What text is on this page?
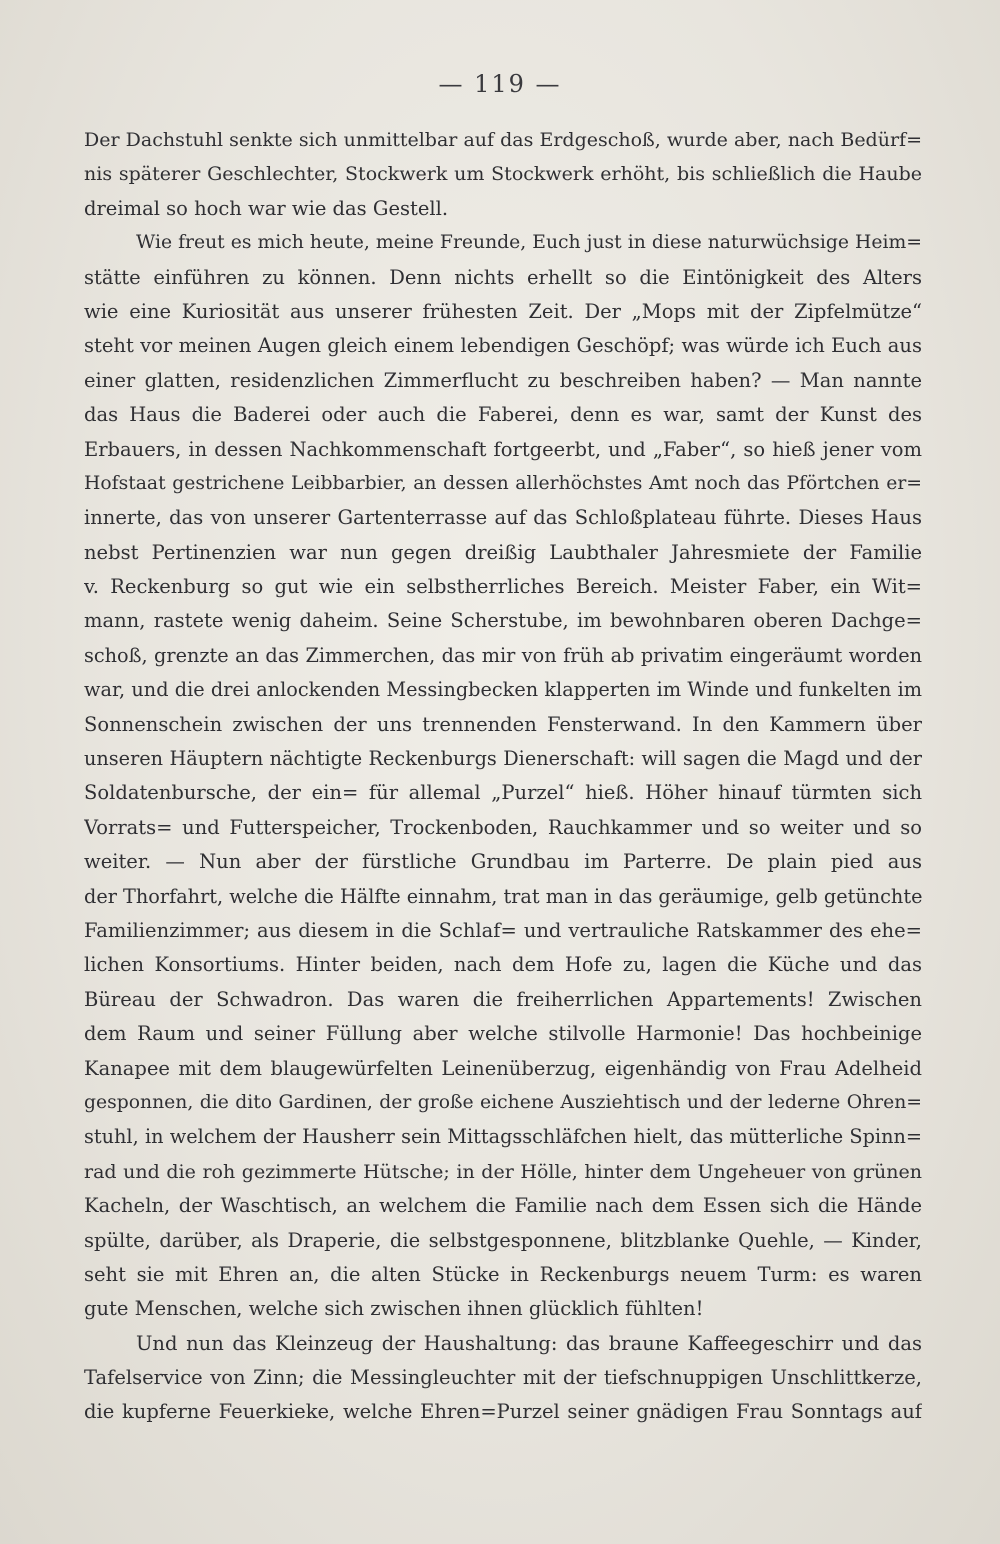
— 119 —
Der Dachstuhl senkte sich unmittelbar auf das Erdgeschoß, wurde aber, nach Bedürf=
nis späterer Geschlechter, Stockwerk um Stockwerk erhöht, bis schließlich die Haube
dreimal so hoch war wie das Gestell.
Wie freut es mich heute, meine Freunde, Euch just in diese naturwüchsige Heim=
stätte einführen zu können. Denn nichts erhellt so die Eintönigkeit des Alters
wie eine Kuriosität aus unserer frühesten Zeit. Der „Mops mit der Zipfelmütze“
steht vor meinen Augen gleich einem lebendigen Geschöpf; was würde ich Euch aus
einer glatten, residenzlichen Zimmerflucht zu beschreiben haben? — Man nannte
das Haus die Baderei oder auch die Faberei, denn es war, samt der Kunst des
Erbauers, in dessen Nachkommenschaft fortgeerbt, und „Faber“, so hieß jener vom
Hofstaat gestrichene Leibbarbier, an dessen allerhöchstes Amt noch das Pförtchen er=
innerte, das von unserer Gartenterrasse auf das Schloßplateau führte. Dieses Haus
nebst Pertinenzien war nun gegen dreißig Laubthaler Jahresmiete der Familie
v. Reckenburg so gut wie ein selbstherrliches Bereich. Meister Faber, ein Wit=
mann, rastete wenig daheim. Seine Scherstube, im bewohnbaren oberen Dachge=
schoß, grenzte an das Zimmerchen, das mir von früh ab privatim eingeräumt worden
war, und die drei anlockenden Messingbecken klapperten im Winde und funkelten im
Sonnenschein zwischen der uns trennenden Fensterwand. In den Kammern über
unseren Häuptern nächtigte Reckenburgs Dienerschaft: will sagen die Magd und der
Soldatenbursche, der ein= für allemal „Purzel“ hieß. Höher hinauf türmten sich
Vorrats= und Futterspeicher, Trockenboden, Rauchkammer und so weiter und so
weiter. — Nun aber der fürstliche Grundbau im Parterre. De plain pied aus
der Thorfahrt, welche die Hälfte einnahm, trat man in das geräumige, gelb getünchte
Familienzimmer; aus diesem in die Schlaf= und vertrauliche Ratskammer des ehe=
lichen Konsortiums. Hinter beiden, nach dem Hofe zu, lagen die Küche und das
Büreau der Schwadron. Das waren die freiherrlichen Appartements! Zwischen
dem Raum und seiner Füllung aber welche stilvolle Harmonie! Das hochbeinige
Kanapee mit dem blaugewürfelten Leinenüberzug, eigenhändig von Frau Adelheid
gesponnen, die dito Gardinen, der große eichene Ausziehtisch und der lederne Ohren=
stuhl, in welchem der Hausherr sein Mittagsschläfchen hielt, das mütterliche Spinn=
rad und die roh gezimmerte Hütsche; in der Hölle, hinter dem Ungeheuer von grünen
Kacheln, der Waschtisch, an welchem die Familie nach dem Essen sich die Hände
spülte, darüber, als Draperie, die selbstgesponnene, blitzblanke Quehle, — Kinder,
seht sie mit Ehren an, die alten Stücke in Reckenburgs neuem Turm: es waren
gute Menschen, welche sich zwischen ihnen glücklich fühlten!
Und nun das Kleinzeug der Haushaltung: das braune Kaffeegeschirr und das
Tafelservice von Zinn; die Messingleuchter mit der tiefschnuppigen Unschlittkerze,
die kupferne Feuerkieke, welche Ehren=Purzel seiner gnädigen Frau Sonntags auf
